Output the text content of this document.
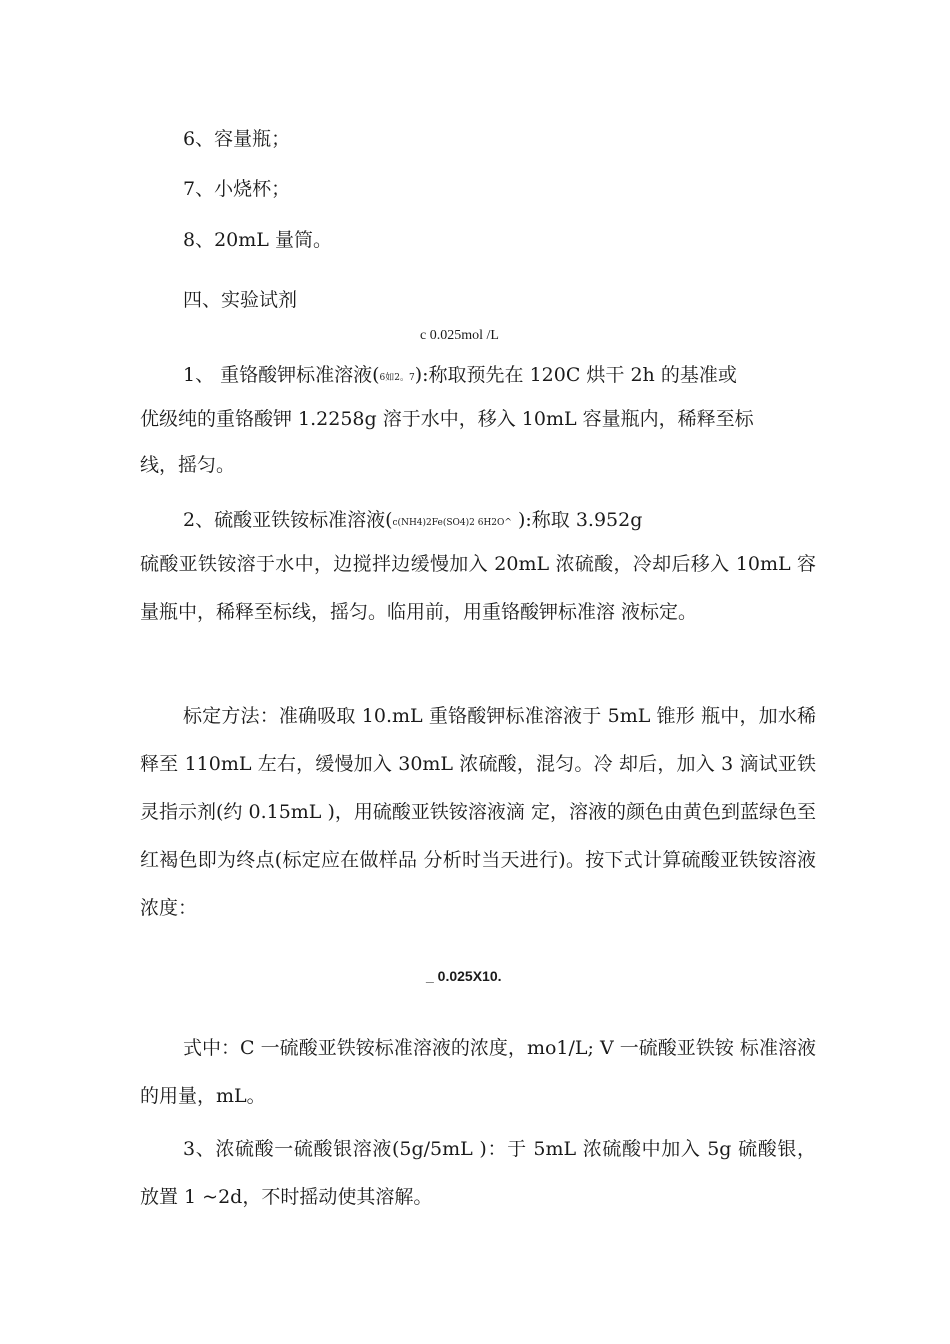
6、容量瓶；
7、小烧杯；
8、20mL 量筒。
四、实验试剂
c 0.025mol /L
1、 重铬酸钾标准溶液(6如2。7):称取预先在 120C 烘干 2h 的基准或
优级纯的重铬酸钾 1.2258g 溶于水中，移入 10mL 容量瓶内，稀释至标
线，摇匀。
2、硫酸亚铁铵标准溶液(c(NH4)2Fe(SO4)2 6H2O^ ):称取 3.952g
硫酸亚铁铵溶于水中，边搅拌边缓慢加入 20mL 浓硫酸，冷却后移入 10mL 容量瓶中，稀释至标线，摇匀。临用前，用重铬酸钾标准溶 液标定。
标定方法：准确吸取 10.mL 重铬酸钾标准溶液于 5mL 锥形 瓶中，加水稀释至 110mL 左右，缓慢加入 30mL 浓硫酸，混匀。冷 却后，加入 3 滴试亚铁灵指示剂(约 0.15mL )，用硫酸亚铁铵溶液滴 定，溶液的颜色由黄色到蓝绿色至红褐色即为终点(标定应在做样品 分析时当天进行)。按下式计算硫酸亚铁铵溶液浓度：
_ 0.025X10.
式中：C 一硫酸亚铁铵标准溶液的浓度，mo1/L; V 一硫酸亚铁铵 标准溶液的用量，mL。
3、浓硫酸一硫酸银溶液(5g/5mL )：于 5mL 浓硫酸中加入 5g 硫酸银，放置 1 ~2d，不时摇动使其溶解。
